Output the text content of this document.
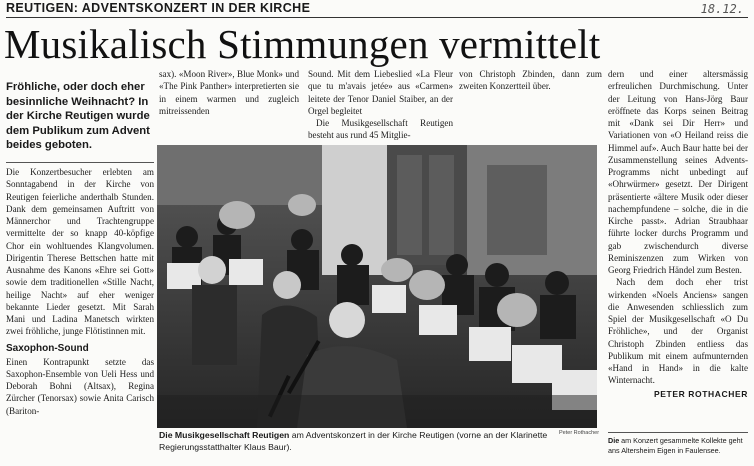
REUTIGEN: ADVENTSKONZERT IN DER KIRCHE	18.12.
Musikalisch Stimmungen vermittelt
Fröhliche, oder doch eher besinnliche Weihnacht? In der Kirche Reutigen wurde dem Publikum zum Advent beides geboten.

Die Konzertbesucher erlebten am Sonntagabend in der Kirche von Reutigen feierliche anderthalb Stunden. Dank dem gemeinsamen Auftritt von Männerchor und Trachtengruppe vermittelte der so knapp 40-köpfige Chor ein wohltuendes Klangvolumen. Dirigentin Therese Bettschen hatte mit Ausnahme des Kanons «Ehre sei Gott» sowie dem traditionellen «Stille Nacht, heilige Nacht» auf eher weniger bekannte Lieder gesetzt. Mit Sarah Mani und Ladina Manetsch wirkten zwei fröhliche, junge Flötistinnen mit.

Saxophon-Sound

Einen Kontrapunkt setzte das Saxophon-Ensemble von Ueli Hess und Deborah Bohni (Altsax), Regina Zürcher (Tenorsax) sowie Anita Carisch (Bariton-

sax). «Moon River», Blue Monk» und «The Pink Panther» interpretierten sie in einem warmen und zugleich mitreissenden

Sound. Mit dem Liebeslied «La Fleur que tu m'avais jetée» aus «Carmen» leitete der Tenor Daniel Staiber, an der Orgel begleitet

Die Musikgesellschaft Reutigen besteht aus rund 45 Mitglie-

von Christoph Zbinden, dann zum zweiten Konzertteil über.

dern und einer altersmässig erfreulichen Durchmischung. Unter der Leitung von Hans-Jörg Baur eröffnete das Korps seinen Beitrag mit «Dank sei Dir Herr» und Variationen von «O Heiland reiss die Himmel auf». Auch Baur hatte bei der Zusammenstellung seines Advents-Programms nicht unbedingt auf «Ohrwürmer» gesetzt. Der Dirigent präsentierte «ältere Musik oder dieser nachempfundene – solche, die in die Kirche passt». Adrian Straubhaar führte locker durchs Programm und gab zwischendurch diverse Reminiszenzen zum Wirken von Georg Friedrich Händel zum Besten.

Nach dem doch eher trist wirkenden «Noels Anciens» sangen die Anwesenden schliesslich zum Spiel der Musikgesellschaft «O Du Fröhliche», und der Organist Christoph Zbinden entliess das Publikum mit einem aufmunternden «Hand in Hand» in die kalte Winternacht.

PETER ROTHACHER

Peter Rothacher
Die Musikgesellschaft Reutigen am Adventskonzert in der Kirche Reutigen (vorne an der Klarinette Regierungsstatthalter Klaus Baur).
Die am Konzert gesammelte Kollekte geht ans Altersheim Eigen in Faulensee.
